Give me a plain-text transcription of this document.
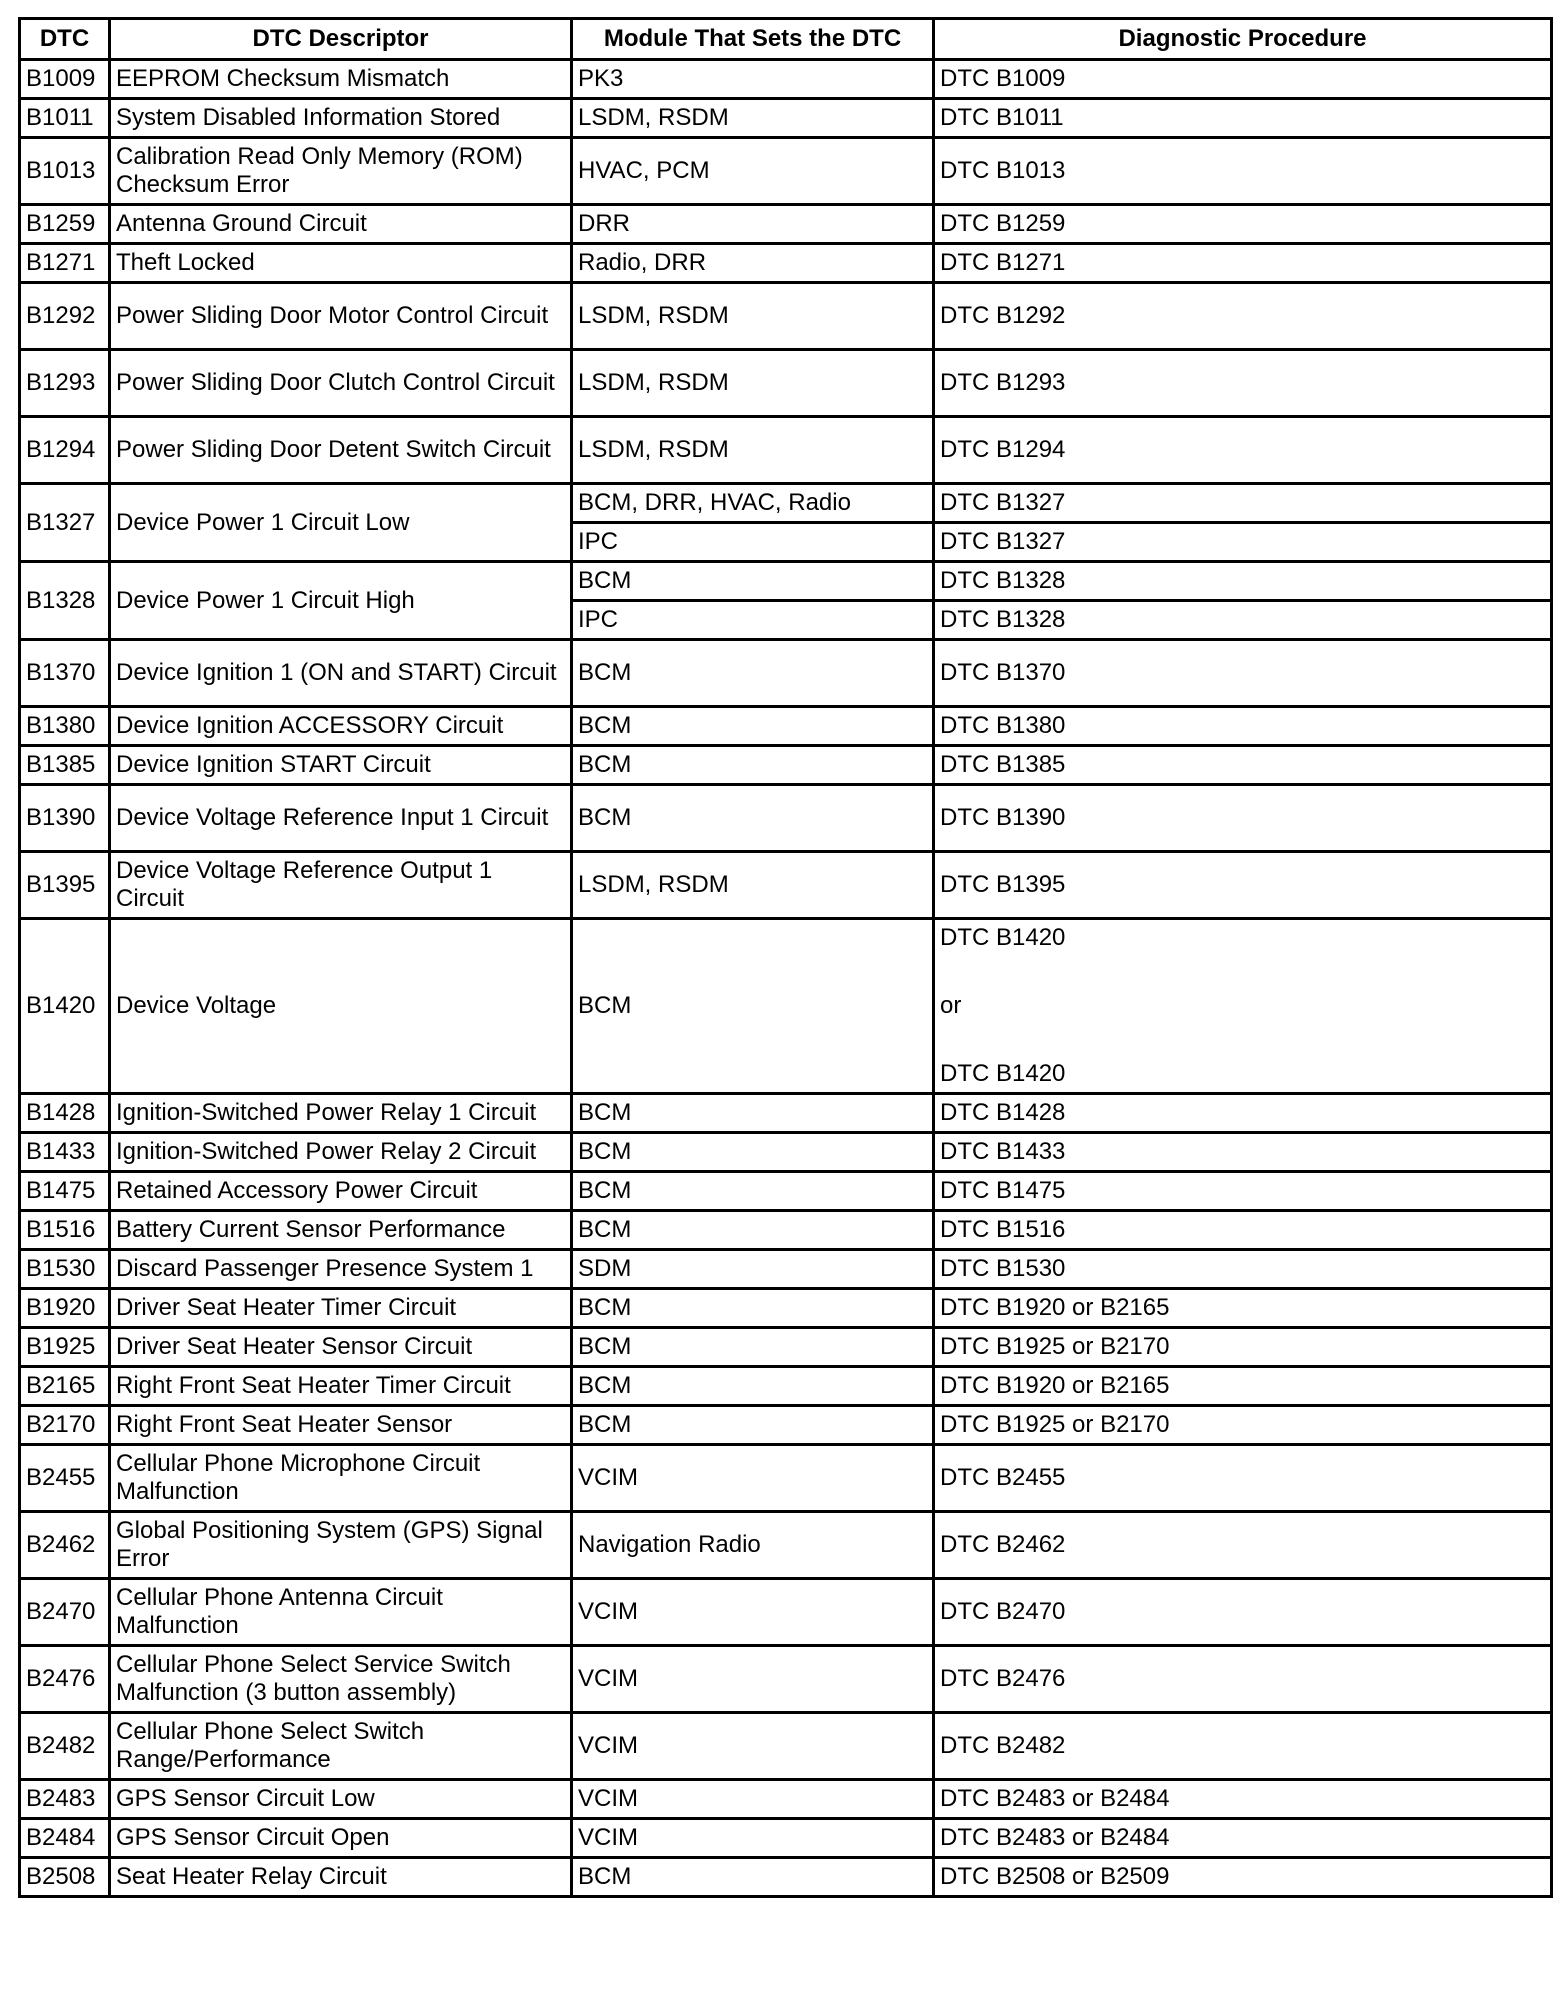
DTC	DTC Descriptor	Module That Sets the DTC	Diagnostic Procedure
B1009	EEPROM Checksum Mismatch	PK3	DTC B1009
B1011	System Disabled Information Stored	LSDM, RSDM	DTC B1011
B1013	Calibration Read Only Memory (ROM) Checksum Error	HVAC, PCM	DTC B1013
B1259	Antenna Ground Circuit	DRR	DTC B1259
B1271	Theft Locked	Radio, DRR	DTC B1271
B1292	Power Sliding Door Motor Control Circuit	LSDM, RSDM	DTC B1292
B1293	Power Sliding Door Clutch Control Circuit	LSDM, RSDM	DTC B1293
B1294	Power Sliding Door Detent Switch Circuit	LSDM, RSDM	DTC B1294
B1327	Device Power 1 Circuit Low	BCM, DRR, HVAC, Radio	DTC B1327
		IPC	DTC B1327
B1328	Device Power 1 Circuit High	BCM	DTC B1328
		IPC	DTC B1328
B1370	Device Ignition 1 (ON and START) Circuit	BCM	DTC B1370
B1380	Device Ignition ACCESSORY Circuit	BCM	DTC B1380
B1385	Device Ignition START Circuit	BCM	DTC B1385
B1390	Device Voltage Reference Input 1 Circuit	BCM	DTC B1390
B1395	Device Voltage Reference Output 1 Circuit	LSDM, RSDM	DTC B1395
B1420	Device Voltage	BCM	DTC B1420

or

DTC B1420
B1428	Ignition-Switched Power Relay 1 Circuit	BCM	DTC B1428
B1433	Ignition-Switched Power Relay 2 Circuit	BCM	DTC B1433
B1475	Retained Accessory Power Circuit	BCM	DTC B1475
B1516	Battery Current Sensor Performance	BCM	DTC B1516
B1530	Discard Passenger Presence System 1	SDM	DTC B1530
B1920	Driver Seat Heater Timer Circuit	BCM	DTC B1920 or B2165
B1925	Driver Seat Heater Sensor Circuit	BCM	DTC B1925 or B2170
B2165	Right Front Seat Heater Timer Circuit	BCM	DTC B1920 or B2165
B2170	Right Front Seat Heater Sensor	BCM	DTC B1925 or B2170
B2455	Cellular Phone Microphone Circuit Malfunction	VCIM	DTC B2455
B2462	Global Positioning System (GPS) Signal Error	Navigation Radio	DTC B2462
B2470	Cellular Phone Antenna Circuit Malfunction	VCIM	DTC B2470
B2476	Cellular Phone Select Service Switch Malfunction (3 button assembly)	VCIM	DTC B2476
B2482	Cellular Phone Select Switch Range/Performance	VCIM	DTC B2482
B2483	GPS Sensor Circuit Low	VCIM	DTC B2483 or B2484
B2484	GPS Sensor Circuit Open	VCIM	DTC B2483 or B2484
B2508	Seat Heater Relay Circuit	BCM	DTC B2508 or B2509
